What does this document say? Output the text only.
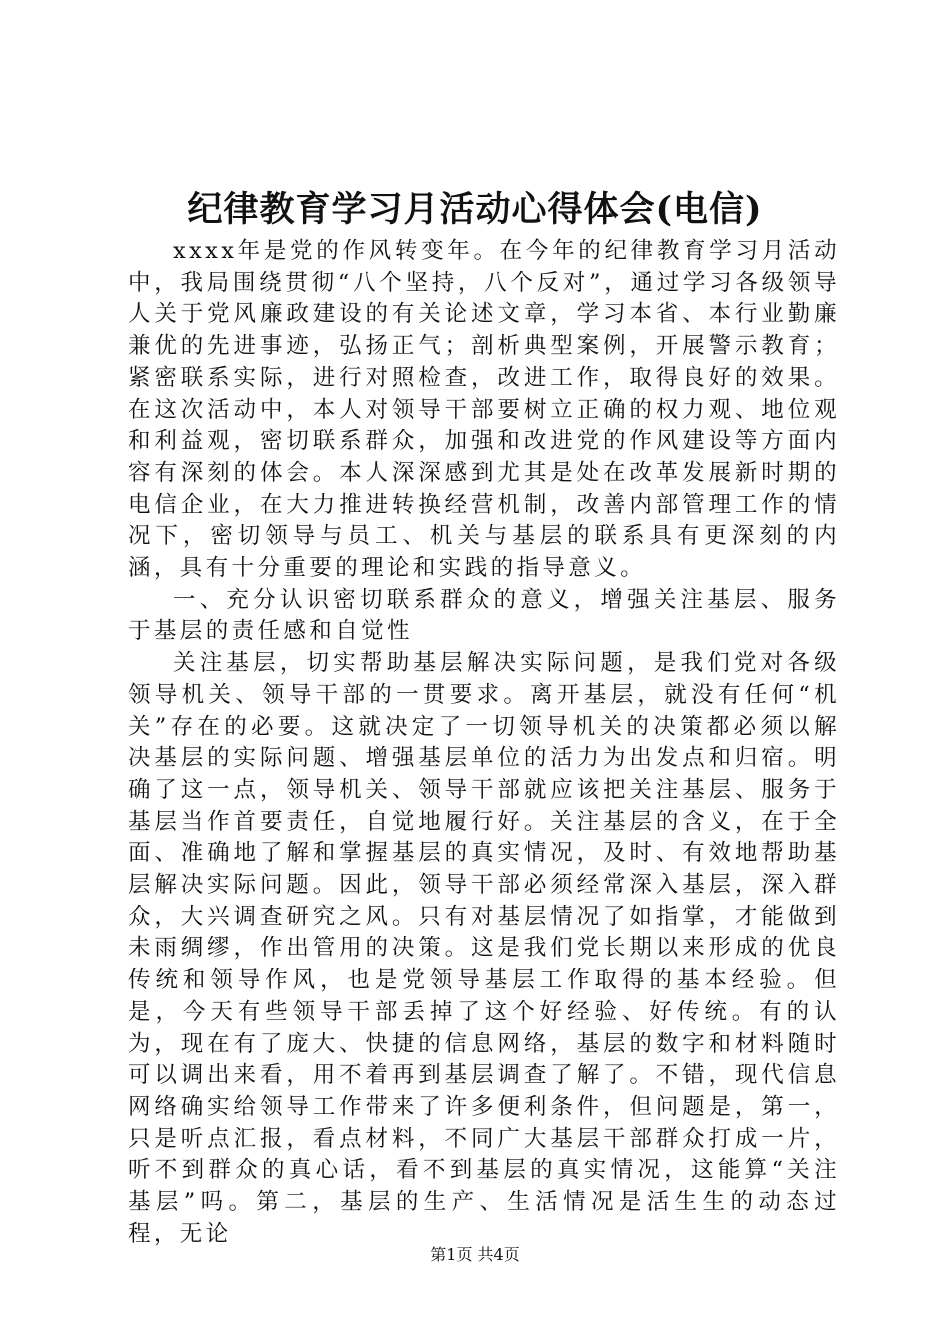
纪律教育学习月活动心得体会(电信)

xxxx年是党的作风转变年。在今年的纪律教育学习月活动中，我局围绕贯彻“八个坚持，八个反对”，通过学习各级领导人关于党风廉政建设的有关论述文章，学习本省、本行业勤廉兼优的先进事迹，弘扬正气；剖析典型案例，开展警示教育；紧密联系实际，进行对照检查，改进工作，取得良好的效果。在这次活动中，本人对领导干部要树立正确的权力观、地位观和利益观，密切联系群众，加强和改进党的作风建设等方面内容有深刻的体会。本人深深感到尤其是处在改革发展新时期的电信企业，在大力推进转换经营机制，改善内部管理工作的情况下，密切领导与员工、机关与基层的联系具有更深刻的内涵，具有十分重要的理论和实践的指导意义。

一、充分认识密切联系群众的意义，增强关注基层、服务于基层的责任感和自觉性

关注基层，切实帮助基层解决实际问题，是我们党对各级领导机关、领导干部的一贯要求。离开基层，就没有任何“机关”存在的必要。这就决定了一切领导机关的决策都必须以解决基层的实际问题、增强基层单位的活力为出发点和归宿。明确了这一点，领导机关、领导干部就应该把关注基层、服务于基层当作首要责任，自觉地履行好。关注基层的含义，在于全面、准确地了解和掌握基层的真实情况，及时、有效地帮助基层解决实际问题。因此，领导干部必须经常深入基层，深入群众，大兴调查研究之风。只有对基层情况了如指掌，才能做到未雨绸缪，作出管用的决策。这是我们党长期以来形成的优良传统和领导作风，也是党领导基层工作取得的基本经验。但是，今天有些领导干部丢掉了这个好经验、好传统。有的认为，现在有了庞大、快捷的信息网络，基层的数字和材料随时可以调出来看，用不着再到基层调查了解了。不错，现代信息网络确实给领导工作带来了许多便利条件，但问题是，第一，只是听点汇报，看点材料，不同广大基层干部群众打成一片，听不到群众的真心话，看不到基层的真实情况，这能算“关注基层”吗。第二，基层的生产、生活情况是活生生的动态过程，无论

第1页 共4页
